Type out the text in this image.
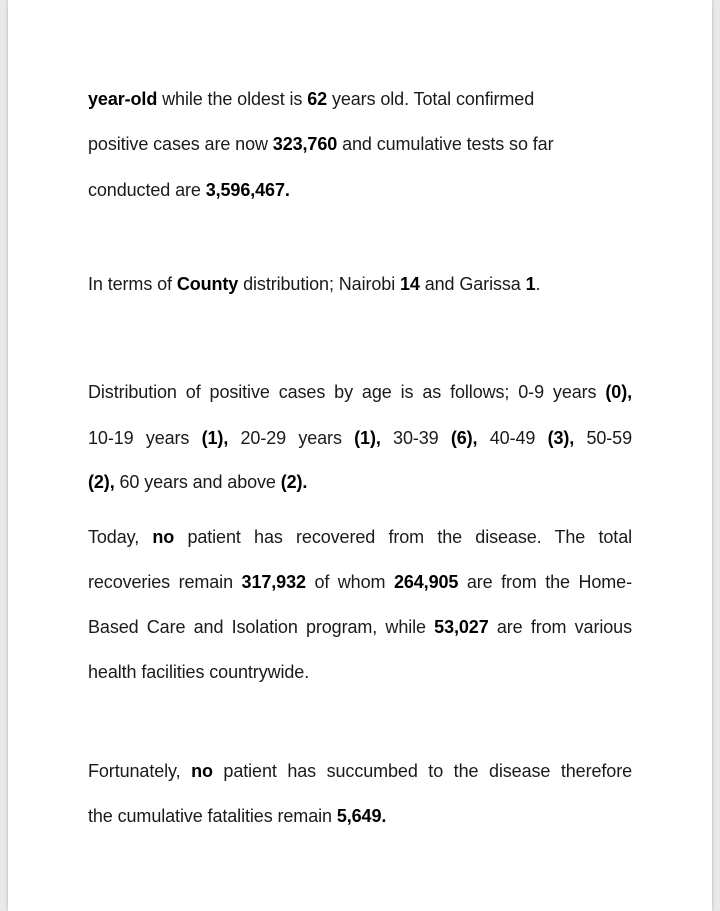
year-old while the oldest is 62 years old. Total confirmed
positive cases are now 323,760 and cumulative tests so far
conducted are 3,596,467.
In terms of County distribution; Nairobi 14 and Garissa 1.
Distribution of positive cases by age is as follows; 0-9 years (0),
10-19 years (1), 20-29 years (1), 30-39 (6), 40-49 (3), 50-59
(2), 60 years and above (2).
Today, no patient has recovered from the disease. The total
recoveries remain 317,932 of whom 264,905 are from the Home-
Based Care and Isolation program, while 53,027 are from various
health facilities countrywide.
Fortunately, no patient has succumbed to the disease therefore
the cumulative fatalities remain 5,649.
